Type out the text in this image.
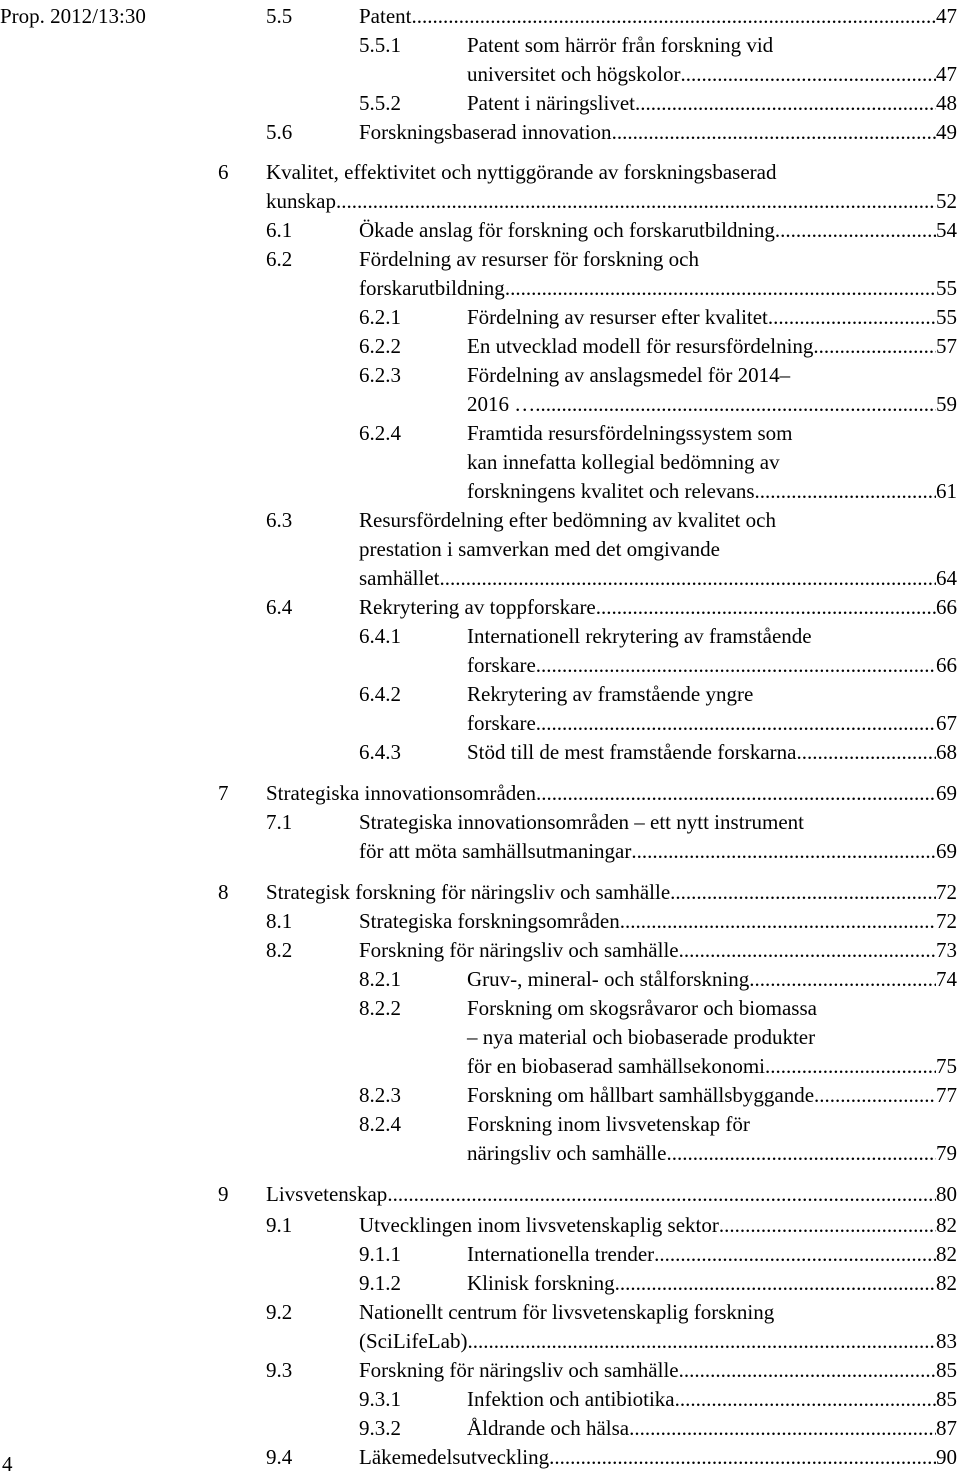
Prop. 2012/13:30	5.5	Patent .....	47
5.5.1	Patent som härrör från forskning vid
universitet och högskolor .....	47
5.5.2	Patent i näringslivet .....	48
5.6	Forskningsbaserad innovation .....	49
6 Kvalitet, effektivitet och nyttiggörande av forskningsbaserad
kunskap .....	52
6.1	Ökade anslag för forskning och forskarutbildning .....	54
6.2	Fördelning av resurser för forskning och
forskarutbildning .....	55
6.2.1	Fördelning av resurser efter kvalitet .....	55
6.2.2	En utvecklad modell för resursfördelning .....	57
6.2.3	Fördelning av anslagsmedel för 2014–
2016 … .....	59
6.2.4	Framtida resursfördelningssystem som
kan innefatta kollegial bedömning av
forskningens kvalitet och relevans .....	61
6.3	Resursfördelning efter bedömning av kvalitet och
prestation i samverkan med det omgivande
samhället .....	64
6.4	Rekrytering av toppforskare .....	66
6.4.1	Internationell rekrytering av framstående
forskare .....	66
6.4.2	Rekrytering av framstående yngre
forskare .....	67
6.4.3	Stöd till de mest framstående forskarna .....	68
7 Strategiska innovationsområden .....	69
7.1	Strategiska innovationsområden – ett nytt instrument
för att möta samhällsutmaningar .....	69
8 Strategisk forskning för näringsliv och samhälle .....	72
8.1	Strategiska forskningsområden .....	72
8.2	Forskning för näringsliv och samhälle .....	73
8.2.1	Gruv-, mineral- och stålforskning .....	74
8.2.2	Forskning om skogsråvaror och biomassa
– nya material och biobaserade produkter
för en biobaserad samhällsekonomi .....	75
8.2.3	Forskning om hållbart samhällsbyggande .....	77
8.2.4	Forskning inom livsvetenskap för
näringsliv och samhälle .....	79
9 Livsvetenskap .....	80
9.1	Utvecklingen inom livsvetenskaplig sektor .....	82
9.1.1	Internationella trender .....	82
9.1.2	Klinisk forskning .....	82
9.2	Nationellt centrum för livsvetenskaplig forskning
(SciLifeLab) .....	83
9.3	Forskning för näringsliv och samhälle .....	85
9.3.1	Infektion och antibiotika .....	85
9.3.2	Åldrande och hälsa .....	87
9.4	Läkemedelsutveckling .....	90
4
